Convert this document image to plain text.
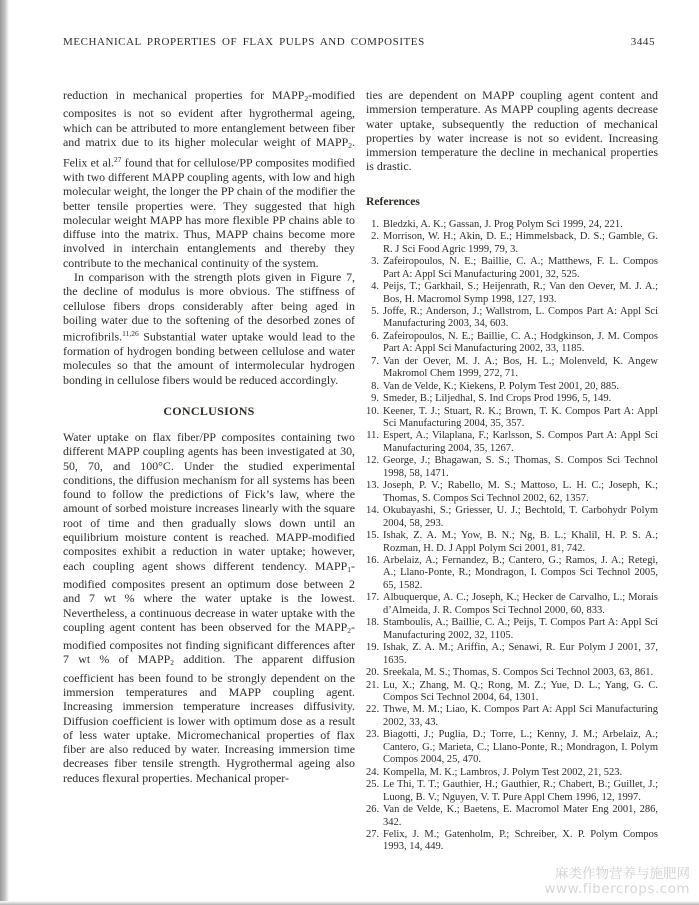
MECHANICAL PROPERTIES OF FLAX PULPS AND COMPOSITES	3445

reduction in mechanical properties for MAPP2-modified composites is not so evident after hygrothermal ageing, which can be attributed to more entanglement between fiber and matrix due to its higher molecular weight of MAPP2. Felix et al.$^{27}$ found that for cellulose/PP composites modified with two different MAPP coupling agents, with low and high molecular weight, the longer the PP chain of the modifier the better tensile properties were. They suggested that high molecular weight MAPP has more flexible PP chains able to diffuse into the matrix. Thus, MAPP chains become more involved in interchain entanglements and thereby they contribute to the mechanical continuity of the system.

In comparison with the strength plots given in Figure 7, the decline of modulus is more obvious. The stiffness of cellulose fibers drops considerably after being aged in boiling water due to the softening of the desorbed zones of microfibrils.$^{11,26}$ Substantial water uptake would lead to the formation of hydrogen bonding between cellulose and water molecules so that the amount of intermolecular hydrogen bonding in cellulose fibers would be reduced accordingly.

CONCLUSIONS

Water uptake on flax fiber/PP composites containing two different MAPP coupling agents has been investigated at 30, 50, 70, and 100°C. Under the studied experimental conditions, the diffusion mechanism for all systems has been found to follow the predictions of Fick’s law, where the amount of sorbed moisture increases linearly with the square root of time and then gradually slows down until an equilibrium moisture content is reached. MAPP-modified composites exhibit a reduction in water uptake; however, each coupling agent shows different tendency. MAPP1-modified composites present an optimum dose between 2 and 7 wt % where the water uptake is the lowest. Nevertheless, a continuous decrease in water uptake with the coupling agent content has been observed for the MAPP2-modified composites not finding significant differences after 7 wt % of MAPP2 addition. The apparent diffusion coefficient has been found to be strongly dependent on the immersion temperatures and MAPP coupling agent. Increasing immersion temperature increases diffusivity. Diffusion coefficient is lower with optimum dose as a result of less water uptake. Micromechanical properties of flax fiber are also reduced by water. Increasing immersion time decreases fiber tensile strength. Hygrothermal ageing also reduces flexural properties. Mechanical proper-

ties are dependent on MAPP coupling agent content and immersion temperature. As MAPP coupling agents decrease water uptake, subsequently the reduction of mechanical properties by water increase is not so evident. Increasing immersion temperature the decline in mechanical properties is drastic.

References
Bledzki, A. K.; Gassan, J. Prog Polym Sci 1999, 24, 221.
Morrison, W. H.; Akin, D. E.; Himmelsback, D. S.; Gamble, G. R. J Sci Food Agric 1999, 79, 3.
Zafeiropoulos, N. E.; Baillie, C. A.; Matthews, F. L. Compos Part A: Appl Sci Manufacturing 2001, 32, 525.
Peijs, T.; Garkhail, S.; Heijenrath, R.; Van den Oever, M. J. A.; Bos, H. Macromol Symp 1998, 127, 193.
Joffe, R.; Anderson, J.; Wallstrom, L. Compos Part A: Appl Sci Manufacturing 2003, 34, 603.
Zafeiropoulos, N. E.; Baillie, C. A.; Hodgkinson, J. M. Compos Part A: Appl Sci Manufacturing 2002, 33, 1185.
Van der Oever, M. J. A.; Bos, H. L.; Molenveld, K. Angew Makromol Chem 1999, 272, 71.
Van de Velde, K.; Kiekens, P. Polym Test 2001, 20, 885.
Smeder, B.; Liljedhal, S. Ind Crops Prod 1996, 5, 149.
Keener, T. J.; Stuart, R. K.; Brown, T. K. Compos Part A: Appl Sci Manufacturing 2004, 35, 357.
Espert, A.; Vilaplana, F.; Karlsson, S. Compos Part A: Appl Sci Manufacturing 2004, 35, 1267.
George, J.; Bhagawan, S. S.; Thomas, S. Compos Sci Technol 1998, 58, 1471.
Joseph, P. V.; Rabello, M. S.; Mattoso, L. H. C.; Joseph, K.; Thomas, S. Compos Sci Technol 2002, 62, 1357.
Okubayashi, S.; Griesser, U. J.; Bechtold, T. Carbohydr Polym 2004, 58, 293.
Ishak, Z. A. M.; Yow, B. N.; Ng, B. L.; Khalil, H. P. S. A.; Rozman, H. D. J Appl Polym Sci 2001, 81, 742.
Arbelaiz, A.; Fernandez, B.; Cantero, G.; Ramos, J. A.; Retegi, A.; Llano-Ponte, R.; Mondragon, I. Compos Sci Technol 2005, 65, 1582.
Albuquerque, A. C.; Joseph, K.; Hecker de Carvalho, L.; Morais d’Almeida, J. R. Compos Sci Technol 2000, 60, 833.
Stamboulis, A.; Baillie, C. A.; Peijs, T. Compos Part A: Appl Sci Manufacturing 2002, 32, 1105.
Ishak, Z. A. M.; Ariffin, A.; Senawi, R. Eur Polym J 2001, 37, 1635.
Sreekala, M. S.; Thomas, S. Compos Sci Technol 2003, 63, 861.
Lu, X.; Zhang, M. Q.; Rong, M. Z.; Yue, D. L.; Yang, G. C. Compos Sci Technol 2004, 64, 1301.
Thwe, M. M.; Liao, K. Compos Part A: Appl Sci Manufacturing 2002, 33, 43.
Biagotti, J.; Puglia, D.; Torre, L.; Kenny, J. M.; Arbelaiz, A.; Cantero, G.; Marieta, C.; Llano-Ponte, R.; Mondragon, I. Polym Compos 2004, 25, 470.
Kompella, M. K.; Lambros, J. Polym Test 2002, 21, 523.
Le Thi, T. T.; Gauthier, H.; Gauthier, R.; Chabert, B.; Guillet, J.; Luong, B. V.; Nguyen, V. T. Pure Appl Chem 1996, 12, 1997.
Van de Velde, K.; Baetens, E. Macromol Mater Eng 2001, 286, 342.
Felix, J. M.; Gatenholm, P.; Schreiber, X. P. Polym Compos 1993, 14, 449.
麻类作物营养与施肥网
www.fibercrops.com
